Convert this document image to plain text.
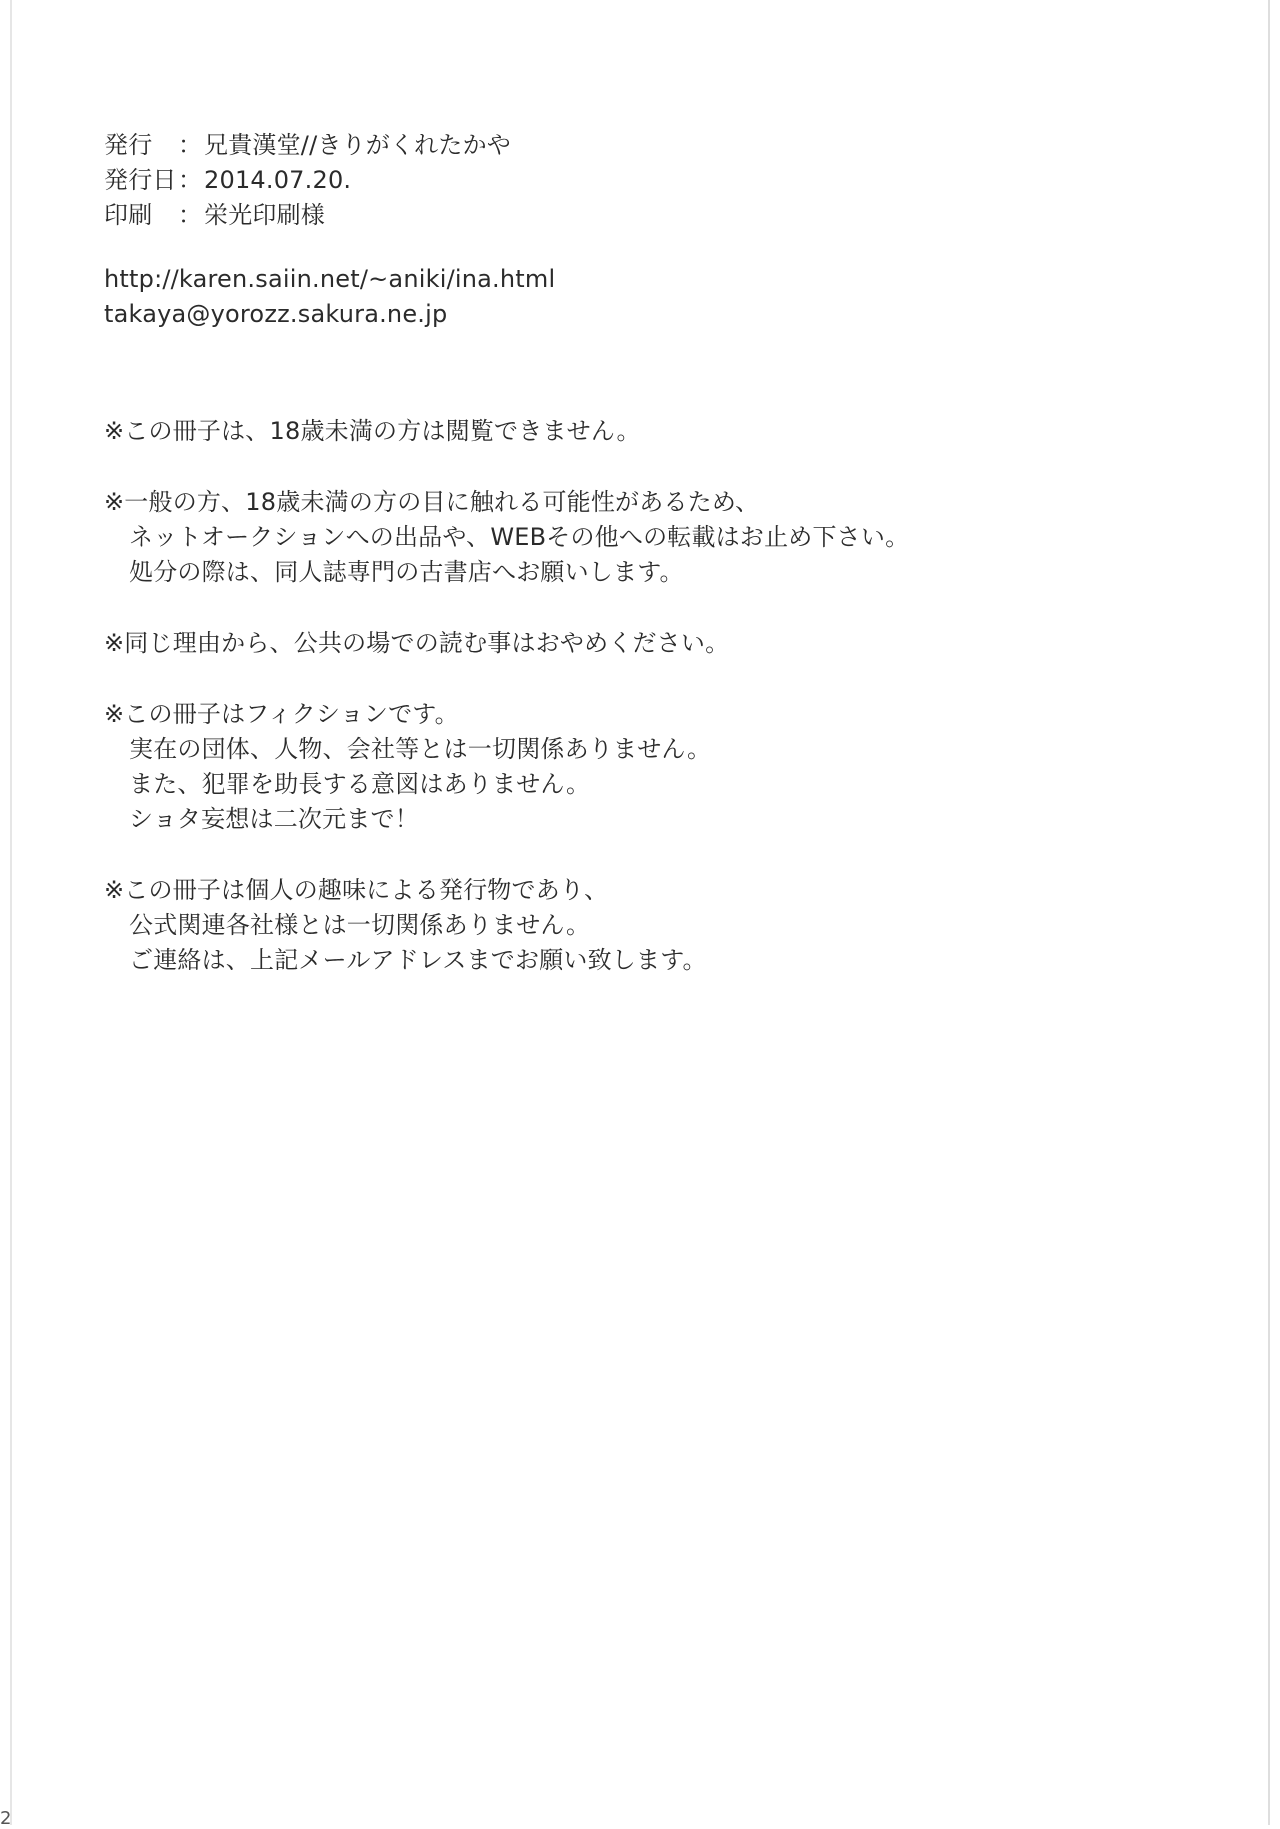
発行	： 兄貴漢堂//きりがくれたかや
発行日 ： 2014.07.20.
印刷	： 栄光印刷様
http://karen.saiin.net/~aniki/ina.html
takaya@yorozz.sakura.ne.jp
※この冊子は、18歳未満の方は閲覧できません。
※一般の方、18歳未満の方の目に触れる可能性があるため、
ネットオークションへの出品や、WEBその他への転載はお止め下さい。
処分の際は、同人誌専門の古書店へお願いします。
※同じ理由から、公共の場での読む事はおやめください。
※この冊子はフィクションです。
実在の団体、人物、会社等とは一切関係ありません。
また、犯罪を助長する意図はありません。
ショタ妄想は二次元まで！
※この冊子は個人の趣味による発行物であり、
公式関連各社様とは一切関係ありません。
ご連絡は、上記メールアドレスまでお願い致します。
2
